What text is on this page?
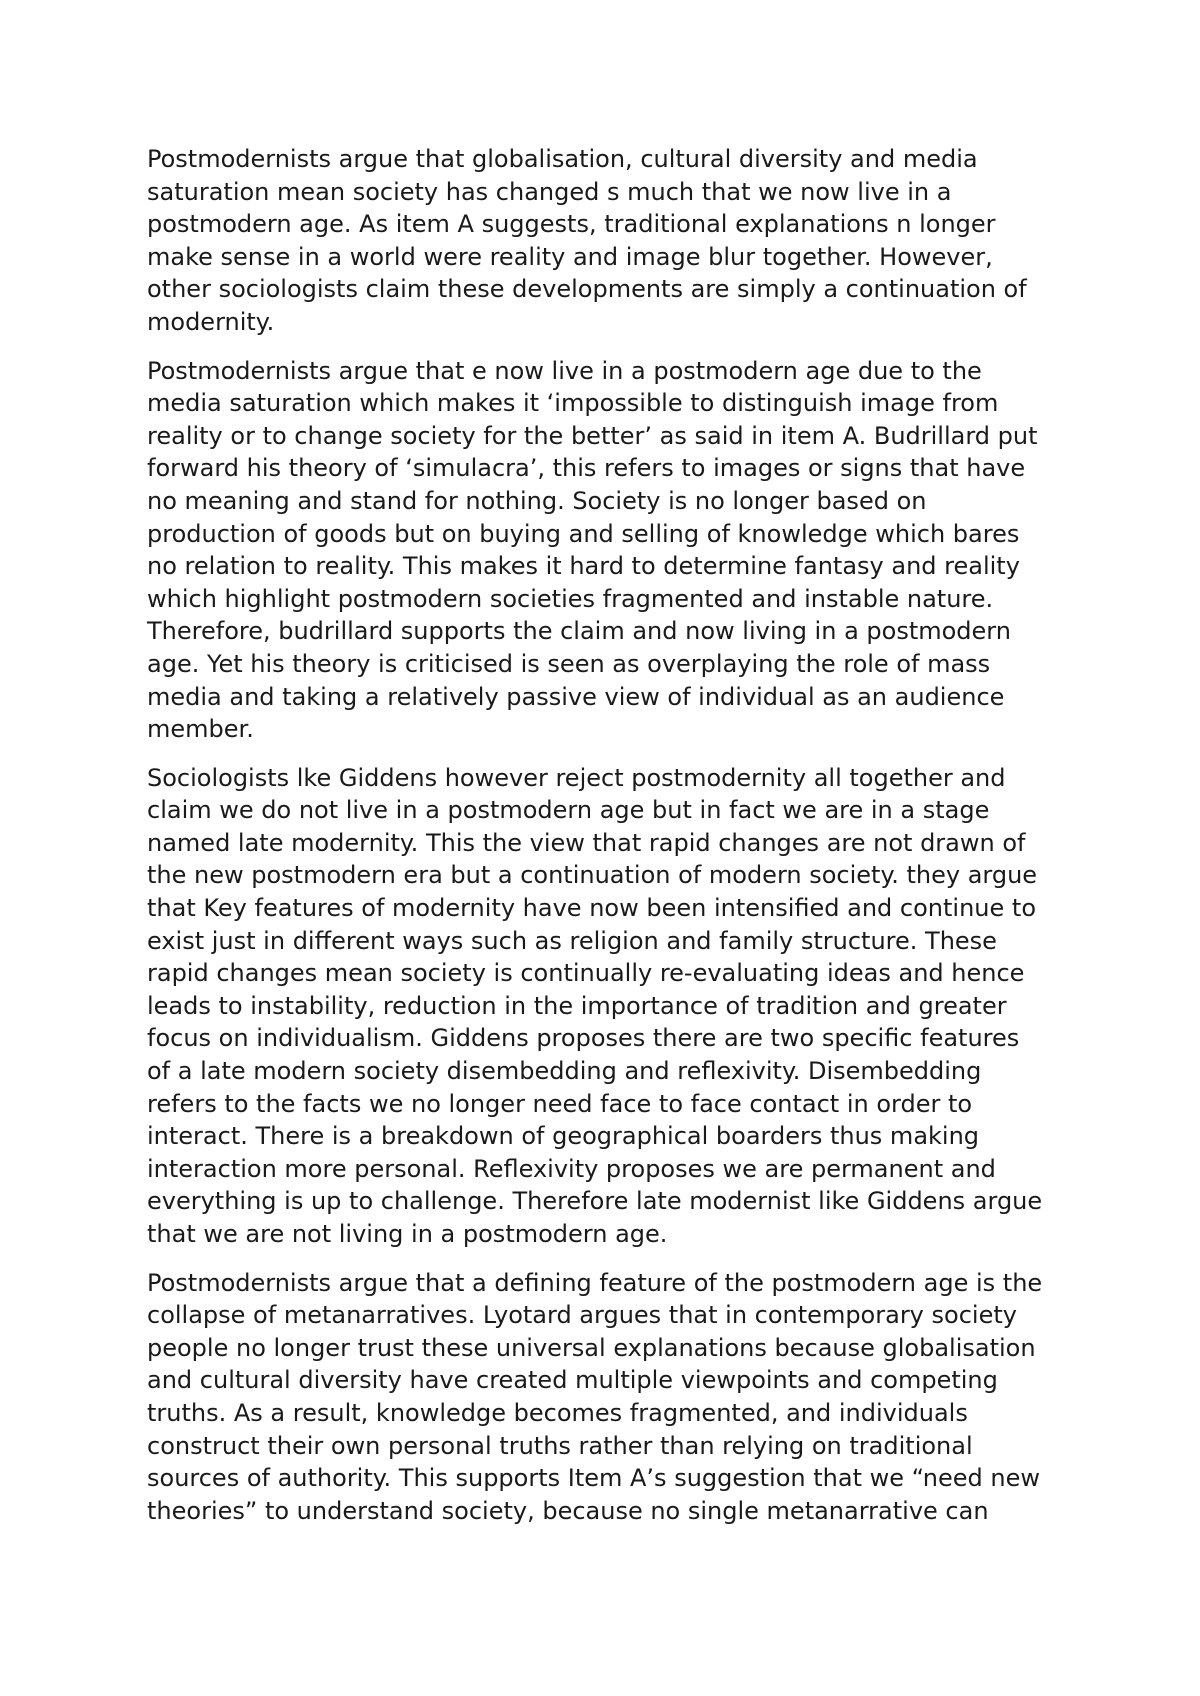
Postmodernists argue that globalisation, cultural diversity and media
saturation mean society has changed s much that we now live in a
postmodern age. As item A suggests, traditional explanations n longer
make sense in a world were reality and image blur together. However,
other sociologists claim these developments are simply a continuation of
modernity.

Postmodernists argue that e now live in a postmodern age due to the
media saturation which makes it ‘impossible to distinguish image from
reality or to change society for the better’ as said in item A. Budrillard put
forward his theory of ‘simulacra’, this refers to images or signs that have
no meaning and stand for nothing. Society is no longer based on
production of goods but on buying and selling of knowledge which bares
no relation to reality. This makes it hard to determine fantasy and reality
which highlight postmodern societies fragmented and instable nature.
Therefore, budrillard supports the claim and now living in a postmodern
age. Yet his theory is criticised is seen as overplaying the role of mass
media and taking a relatively passive view of individual as an audience
member.

Sociologists lke Giddens however reject postmodernity all together and
claim we do not live in a postmodern age but in fact we are in a stage
named late modernity. This the view that rapid changes are not drawn of
the new postmodern era but a continuation of modern society. they argue
that Key features of modernity have now been intensified and continue to
exist just in different ways such as religion and family structure. These
rapid changes mean society is continually re-evaluating ideas and hence
leads to instability, reduction in the importance of tradition and greater
focus on individualism. Giddens proposes there are two specific features
of a late modern society disembedding and reflexivity. Disembedding
refers to the facts we no longer need face to face contact in order to
interact. There is a breakdown of geographical boarders thus making
interaction more personal. Reflexivity proposes we are permanent and
everything is up to challenge. Therefore late modernist like Giddens argue
that we are not living in a postmodern age.

Postmodernists argue that a defining feature of the postmodern age is the
collapse of metanarratives. Lyotard argues that in contemporary society
people no longer trust these universal explanations because globalisation
and cultural diversity have created multiple viewpoints and competing
truths. As a result, knowledge becomes fragmented, and individuals
construct their own personal truths rather than relying on traditional
sources of authority. This supports Item A’s suggestion that we “need new
theories” to understand society, because no single metanarrative can
